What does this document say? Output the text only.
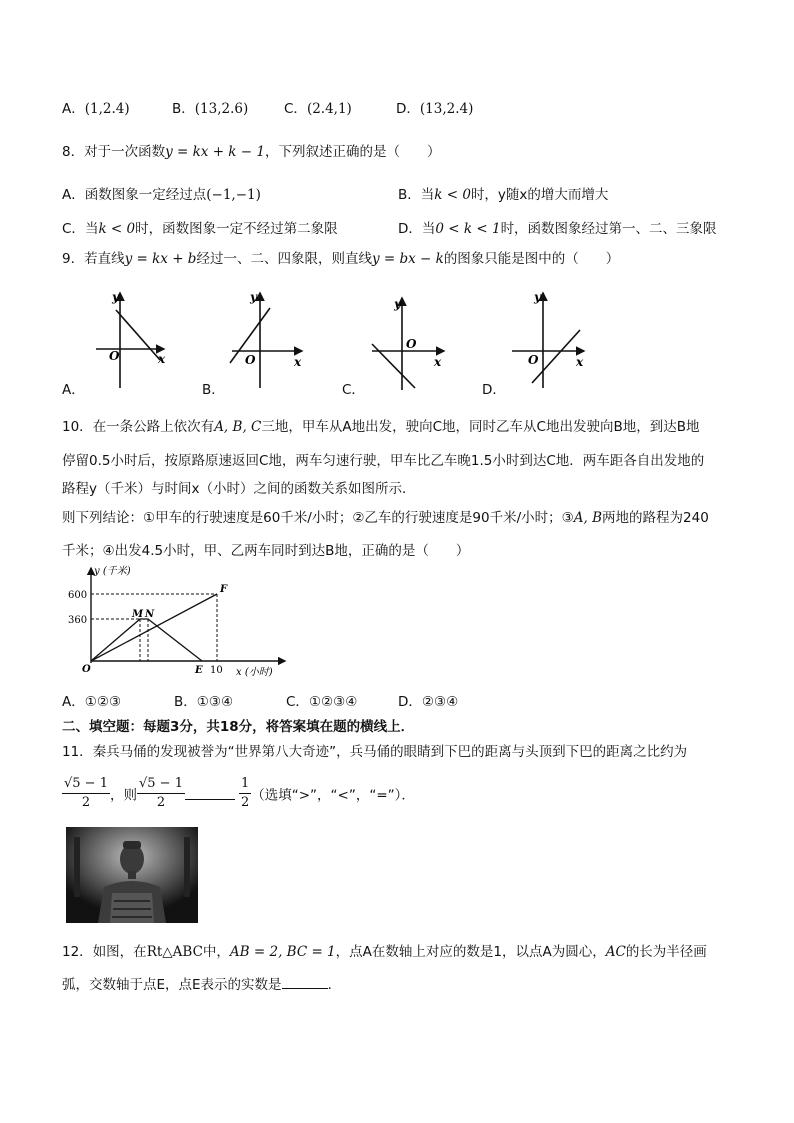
A．(1,2.4)	B．(13,2.6)	C．(2.4,1)	D．(13,2.4)
8．对于一次函数y = kx + k − 1，下列叙述正确的是（　　）
A．函数图象一定经过点(−1,−1)	B．当k < 0时，y随x的增大而增大
C．当k < 0时，函数图象一定不经过第二象限	D．当0 < k < 1时，函数图象经过第一、二、三象限
9．若直线y = kx + b经过一、二、四象限，则直线y = bx − k的图象只能是图中的（　　）
y
x
O
y
x
O
y
x
O
y
x
O
A．	B．	C．	D．
10．在一条公路上依次有A, B, C三地，甲车从A地出发，驶向C地，同时乙车从C地出发驶向B地，到达B地
停留0.5小时后，按原路原速返回C地，两车匀速行驶，甲车比乙车晚1.5小时到达C地．两车距各自出发地的
路程y（千米）与时间x（小时）之间的函数关系如图所示．
则下列结论：①甲车的行驶速度是60千米/小时；②乙车的行驶速度是90千米/小时；③A, B两地的路程为240
千米；④出发4.5小时，甲、乙两车同时到达B地，正确的是（　　）
y (千米)
x (小时)
600
360
10
M N
E
F
O
A．①②③	B．①③④	C．①②③④	D．②③④
二、填空题：每题3分，共18分，将答案填在题的横线上．
11．秦兵马俑的发现被誉为“世界第八大奇迹”，兵马俑的眼睛到下巴的距离与头顶到下巴的距离之比约为
$\frac{√5 - 1}{2}$ ，则 $\frac{√5 - 1}{2}$	$\frac{1}{2}$ （选填“>”，“<”，“=”）．
12．如图，在Rt△ABC中，AB = 2, BC = 1，点A在数轴上对应的数是1，以点A为圆心，AC的长为半径画
弧，交数轴于点E，点E表示的实数是	．
